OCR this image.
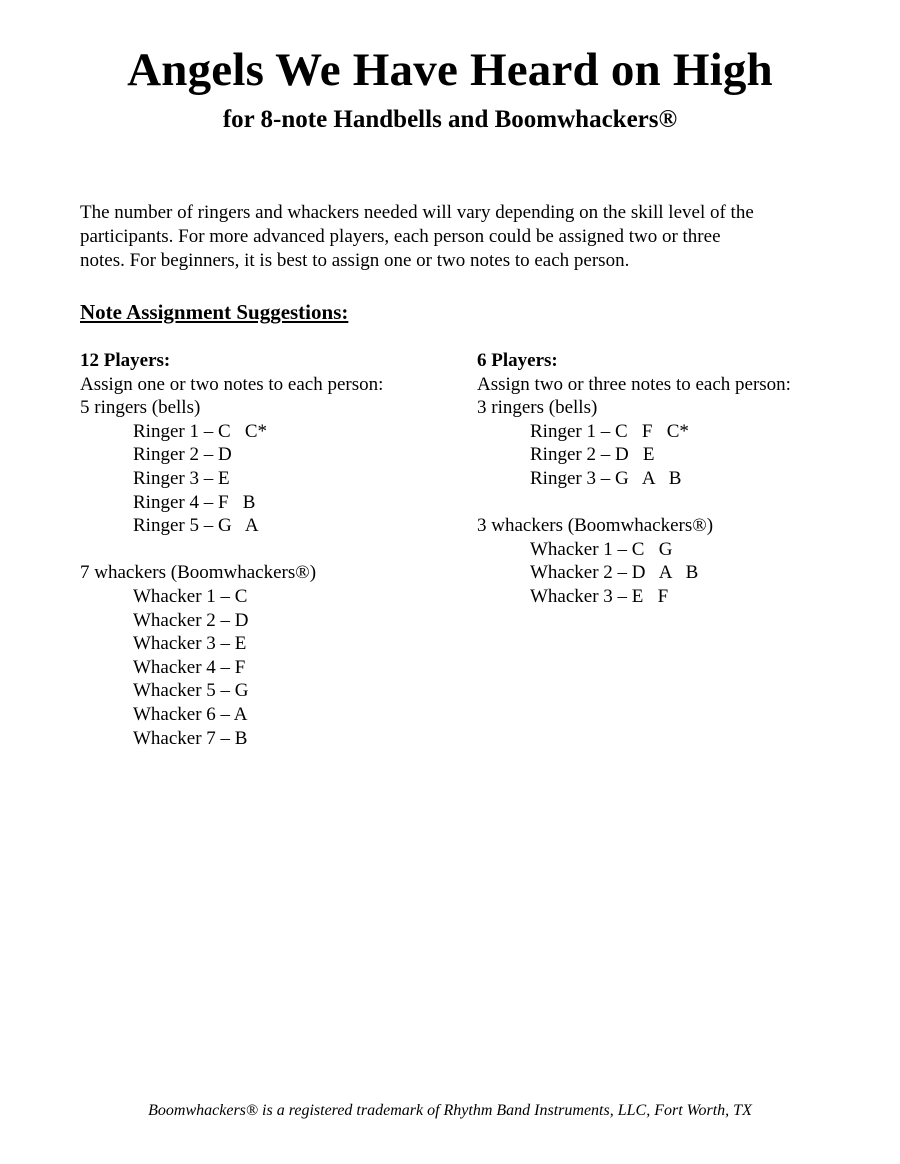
Angels We Have Heard on High
for 8-note Handbells and Boomwhackers®
The number of ringers and whackers needed will vary depending on the skill level of the
participants. For more advanced players, each person could be assigned two or three
notes. For beginners, it is best to assign one or two notes to each person.
Note Assignment Suggestions:
12 Players:
Assign one or two notes to each person:
5 ringers (bells)
Ringer 1 – C   C*
Ringer 2 – D
Ringer 3 – E
Ringer 4 – F   B
Ringer 5 – G   A
7 whackers (Boomwhackers®)
Whacker 1 – C
Whacker 2 – D
Whacker 3 – E
Whacker 4 – F
Whacker 5 – G
Whacker 6 – A
Whacker 7 – B
6 Players:
Assign two or three notes to each person:
3 ringers (bells)
Ringer 1 – C   F   C*
Ringer 2 – D   E
Ringer 3 – G   A   B
3 whackers (Boomwhackers®)
Whacker 1 – C   G
Whacker 2 – D   A   B
Whacker 3 – E   F

Boomwhackers® is a registered trademark of Rhythm Band Instruments, LLC, Fort Worth, TX
